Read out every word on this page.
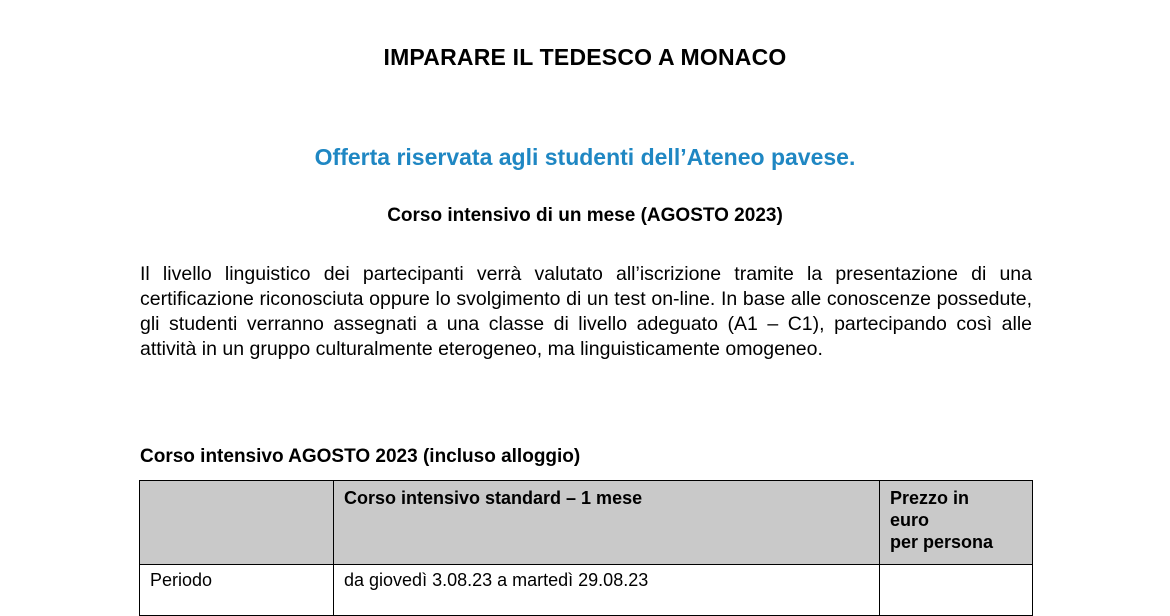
IMPARARE IL TEDESCO A MONACO
Offerta riservata agli studenti dell’Ateneo pavese.
Corso intensivo di un mese (AGOSTO 2023)

Il livello linguistico dei partecipanti verrà valutato all’iscrizione tramite la presentazione di una certificazione riconosciuta oppure lo svolgimento di un test on-line. In base alle conoscenze possedute, gli studenti verranno assegnati a una classe di livello adeguato (A1 – C1), partecipando così alle attività in un gruppo culturalmente eterogeneo, ma linguisticamente omogeneo.

Corso intensivo AGOSTO 2023 (incluso alloggio)
	Corso intensivo standard – 1 mese	Prezzo in
euro
per persona
Periodo	da giovedì 3.08.23 a martedì 29.08.23	
